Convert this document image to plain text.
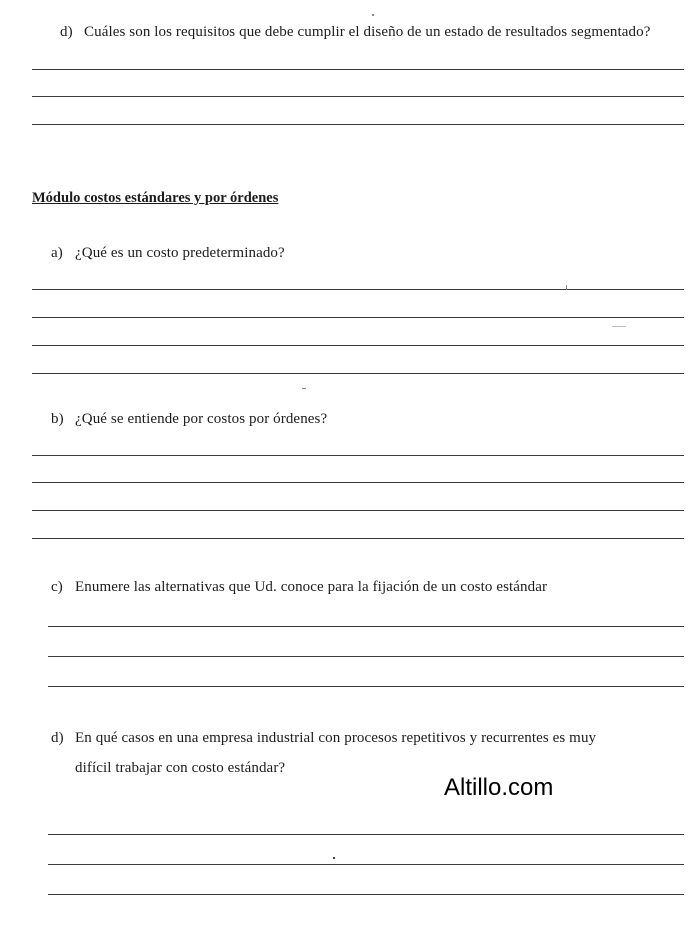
d) Cuáles son los requisitos que debe cumplir el diseño de un estado de resultados segmentado?
Módulo costos estándares y por órdenes
a) ¿Qué es un costo predeterminado?
b) ¿Qué se entiende por costos por órdenes?
c) Enumere las alternativas que Ud. conoce para la fijación de un costo estándar
d) En qué casos en una empresa industrial con procesos repetitivos y recurrentes es muy
difícil trabajar con costo estándar?
Altillo.com
